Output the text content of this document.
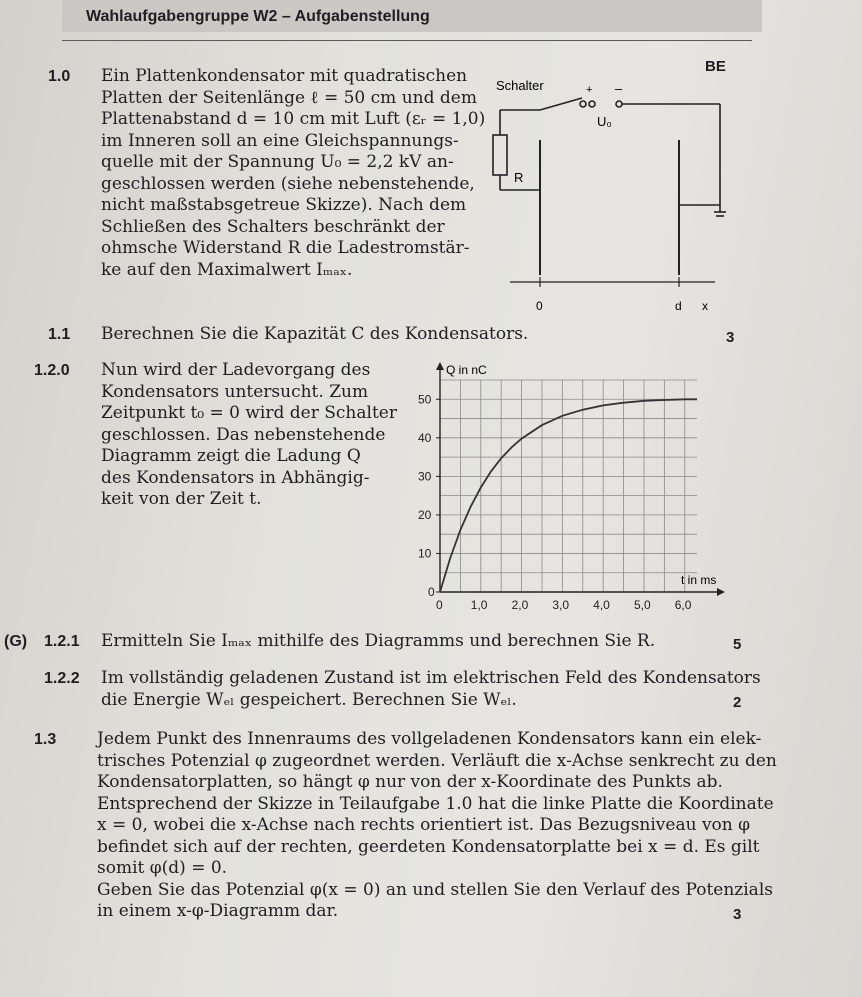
Wahlaufgabengruppe W2 – Aufgabenstellung
BE
1.0 Ein Plattenkondensator mit quadratischen
Platten der Seitenlänge ℓ = 50 cm und dem
Plattenabstand d = 10 cm mit Luft (εᵣ = 1,0)
im Inneren soll an eine Gleichspannungs-
quelle mit der Spannung U₀ = 2,2 kV an-
geschlossen werden (siehe nebenstehende,
nicht maßstabsgetreue Skizze). Nach dem
Schließen des Schalters beschränkt der
ohmsche Widerstand R die Ladestromstär-
ke auf den Maximalwert Iₘₐₓ.
Schalter	+ –
U₀
R
0	d x
1.1 Berechnen Sie die Kapazität C des Kondensators.	3
1.2.0 Nun wird der Ladevorgang des
Kondensators untersucht. Zum
Zeitpunkt t₀ = 0 wird der Schalter
geschlossen. Das nebenstehende
Diagramm zeigt die Ladung Q
des Kondensators in Abhängig-
keit von der Zeit t.
0 1,0 2,0 3,0 4,0 5,0 6,0
0
10
20
30
40
50
Q in nC
t in ms
(G) 1.2.1 Ermitteln Sie Iₘₐₓ mithilfe des Diagramms und berechnen Sie R.	5
1.2.2 Im vollständig geladenen Zustand ist im elektrischen Feld des Kondensators
die Energie Wₑₗ gespeichert. Berechnen Sie Wₑₗ.	2
1.3 Jedem Punkt des Innenraums des vollgeladenen Kondensators kann ein elek-
trisches Potenzial φ zugeordnet werden. Verläuft die x-Achse senkrecht zu den
Kondensatorplatten, so hängt φ nur von der x-Koordinate des Punkts ab.
Entsprechend der Skizze in Teilaufgabe 1.0 hat die linke Platte die Koordinate
x = 0, wobei die x-Achse nach rechts orientiert ist. Das Bezugsniveau von φ
befindet sich auf der rechten, geerdeten Kondensatorplatte bei x = d. Es gilt
somit φ(d) = 0.
Geben Sie das Potenzial φ(x = 0) an und stellen Sie den Verlauf des Potenzials
in einem x-φ-Diagramm dar.	3
